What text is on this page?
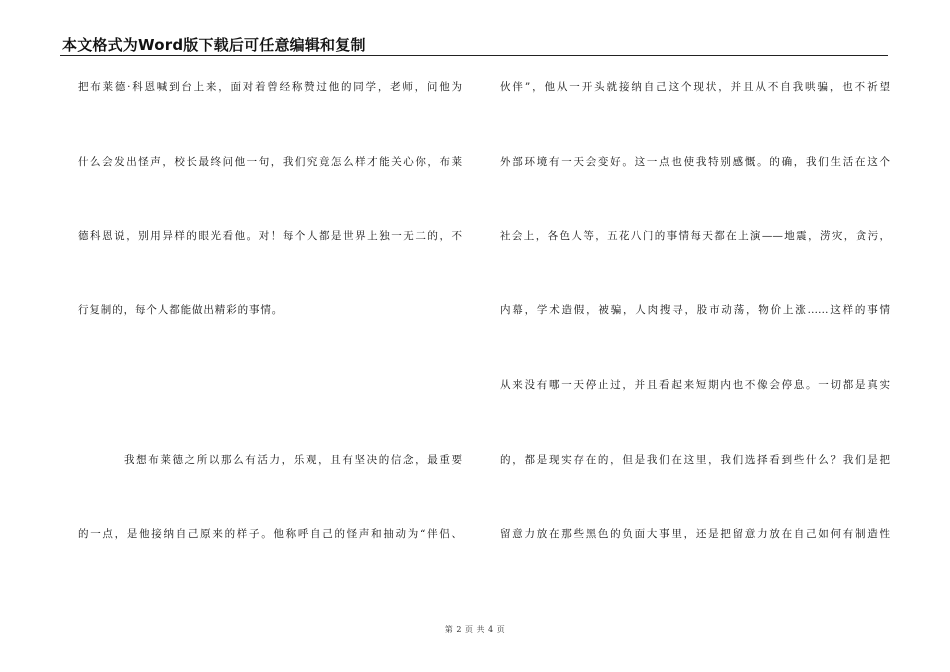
本文格式为Word版下载后可任意编辑和复制
把布莱德·科恩喊到台上来，面对着曾经称赞过他的同学，老师，问他为
什么会发出怪声，校长最终问他一句，我们究竟怎么样才能关心你，布莱
德科恩说，别用异样的眼光看他。对！每个人都是世界上独一无二的，不
行复制的，每个人都能做出精彩的事情。
我想布莱德之所以那么有活力，乐观，且有坚决的信念，最重要
的一点，是他接纳自己原来的样子。他称呼自己的怪声和抽动为“伴侣、
伙伴”，他从一开头就接纳自己这个现状，并且从不自我哄骗，也不祈望
外部环境有一天会变好。这一点也使我特别感慨。的确，我们生活在这个
社会上，各色人等，五花八门的事情每天都在上演——地震，涝灾，贪污，
内幕，学术造假，被骗，人肉搜寻，股市动荡，物价上涨……这样的事情
从来没有哪一天停止过，并且看起来短期内也不像会停息。一切都是真实
的，都是现实存在的，但是我们在这里，我们选择看到些什么？我们是把
留意力放在那些黑色的负面大事里，还是把留意力放在自己如何有制造性
第 2 页 共 4 页
